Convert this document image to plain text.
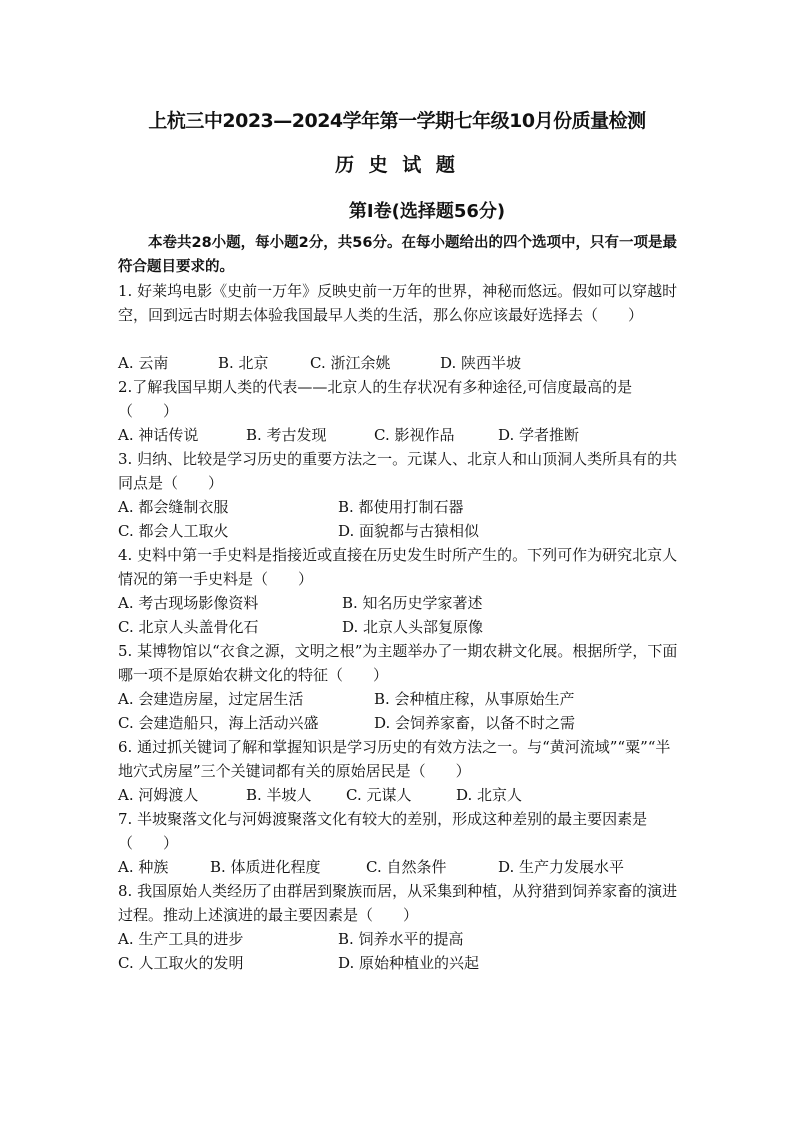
上杭三中2023—2024学年第一学期七年级10月份质量检测
历 史 试 题
第Ⅰ卷(选择题56分)

本卷共28小题，每小题2分，共56分。在每小题给出的四个选项中，只有一项是最符合题目要求的。

1. 好莱坞电影《史前一万年》反映史前一万年的世界，神秘而悠远。假如可以穿越时空，回到远古时期去体验我国最早人类的生活，那么你应该最好选择去（　　）

A. 云南	B. 北京	C. 浙江余姚	D. 陕西半坡

2.了解我国早期人类的代表——北京人的生存状况有多种途径,可信度最高的是（　　）

A. 神话传说	B. 考古发现	C. 影视作品	D. 学者推断

3. 归纳、比较是学习历史的重要方法之一。元谋人、北京人和山顶洞人类所具有的共同点是（　　）

A. 都会缝制衣服	B. 都使用打制石器
C. 都会人工取火	D. 面貌都与古猿相似

4. 史料中第一手史料是指接近或直接在历史发生时所产生的。下列可作为研究北京人情况的第一手史料是（　　）

A. 考古现场影像资料	B. 知名历史学家著述
C. 北京人头盖骨化石	D. 北京人头部复原像

5. 某博物馆以“衣食之源，文明之根”为主题举办了一期农耕文化展。根据所学，下面哪一项不是原始农耕文化的特征（　　）

A. 会建造房屋，过定居生活	B. 会种植庄稼，从事原始生产
C. 会建造船只，海上活动兴盛	D. 会饲养家畜，以备不时之需

6. 通过抓关键词了解和掌握知识是学习历史的有效方法之一。与“黄河流域”“粟”“半地穴式房屋”三个关键词都有关的原始居民是（　　）

A. 河姆渡人	B. 半坡人 C. 元谋人	D. 北京人

7. 半坡聚落文化与河姆渡聚落文化有较大的差别，形成这种差别的最主要因素是（　　）

A. 种族	B. 体质进化程度	C. 自然条件	D. 生产力发展水平

8. 我国原始人类经历了由群居到聚族而居，从采集到种植，从狩猎到饲养家畜的演进过程。推动上述演进的最主要因素是（　　）

A. 生产工具的进步	B. 饲养水平的提高
C. 人工取火的发明	D. 原始种植业的兴起
